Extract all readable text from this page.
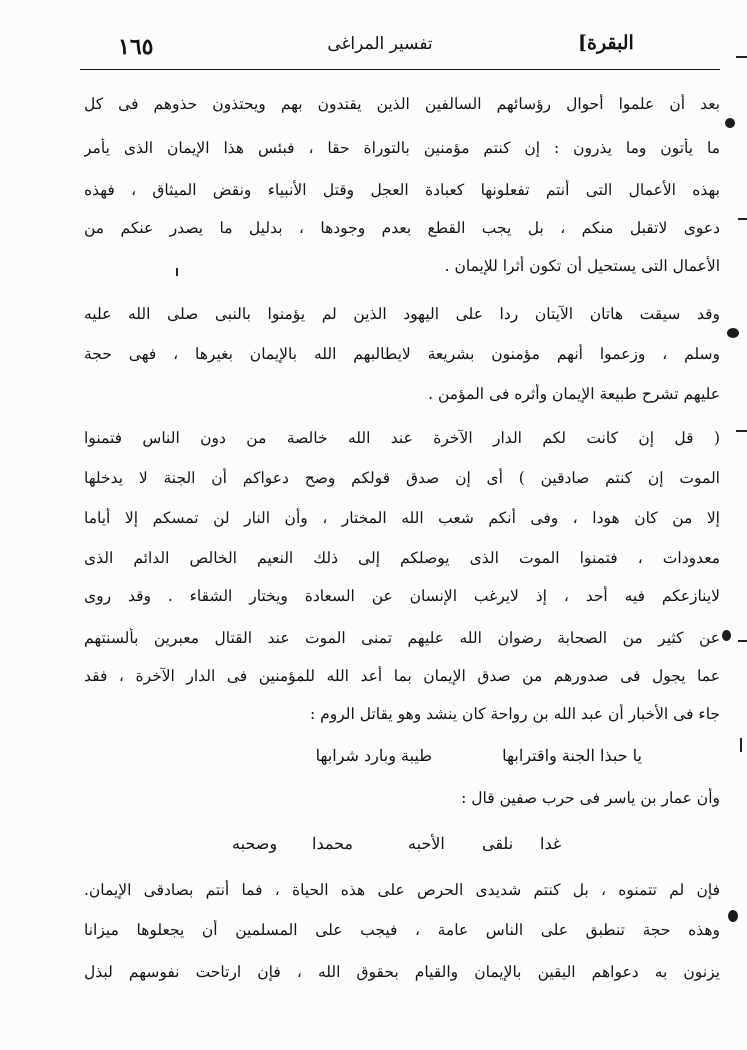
١٦٥	تفسير المراغى	البقرة]
بعد أن علموا أحوال رؤسائهم السالفين الذين يقتدون بهم ويحتذون حذوهم فى كل
ما يأتون وما يذرون : إن كنتم مؤمنين بالتوراة حقا ، فبئس هذا الإيمان الذى يأمر
بهذه الأعمال التى أنتم تفعلونها كعبادة العجل وقتل الأنبياء ونقض الميثاق ، فهذه
دعوى لاتقبل منكم ، بل يجب القطع بعدم وجودها ، بدليل ما يصدر عنكم من
الأعمال التى يستحيل أن تكون أثرا للإيمان .
وقد سيقت هاتان الآيتان ردا على اليهود الذين لم يؤمنوا بالنبى صلى الله عليه
وسلم ، وزعموا أنهم مؤمنون بشريعة لايطالبهم الله بالإيمان بغيرها ، فهى حجة
عليهم تشرح طبيعة الإيمان وأثره فى المؤمن .
( قل إن كانت لكم الدار الآخرة عند الله خالصة من دون الناس فتمنوا
الموت إن كنتم صادقين ) أى إن صدق قولكم وصح دعواكم أن الجنة لا يدخلها
إلا من كان هودا ، وفى أنكم شعب الله المختار ، وأن النار لن تمسكم إلا أياما
معدودات ، فتمنوا الموت الذى يوصلكم إلى ذلك النعيم الخالص الدائم الذى
لاينازعكم فيه أحد ، إذ لايرغب الإنسان عن السعادة ويختار الشقاء . وقد روى
عن كثير من الصحابة رضوان الله عليهم تمنى الموت عند القتال معبرين بألسنتهم
عما يجول فى صدورهم من صدق الإيمان بما أعد الله للمؤمنين فى الدار الآخرة ، فقد
جاء فى الأخبار أن عبد الله بن رواحة كان ينشد وهو يقاتل الروم :
يا حبذا الجنة واقترابها
طيبة وبارد شرابها
وأن عمار بن ياسر فى حرب صفين قال :
غدا
نلقى
الأحبه
محمدا
وصحبه
فإن لم تتمنوه ، بل كنتم شديدى الحرص على هذه الحياة ، فما أنتم بصادقى الإيمان.
وهذه حجة تنطبق على الناس عامة ، فيجب على المسلمين أن يجعلوها ميزانا
يزنون به دعواهم اليقين بالإيمان والقيام بحقوق الله ، فإن ارتاحت نفوسهم لبذل
